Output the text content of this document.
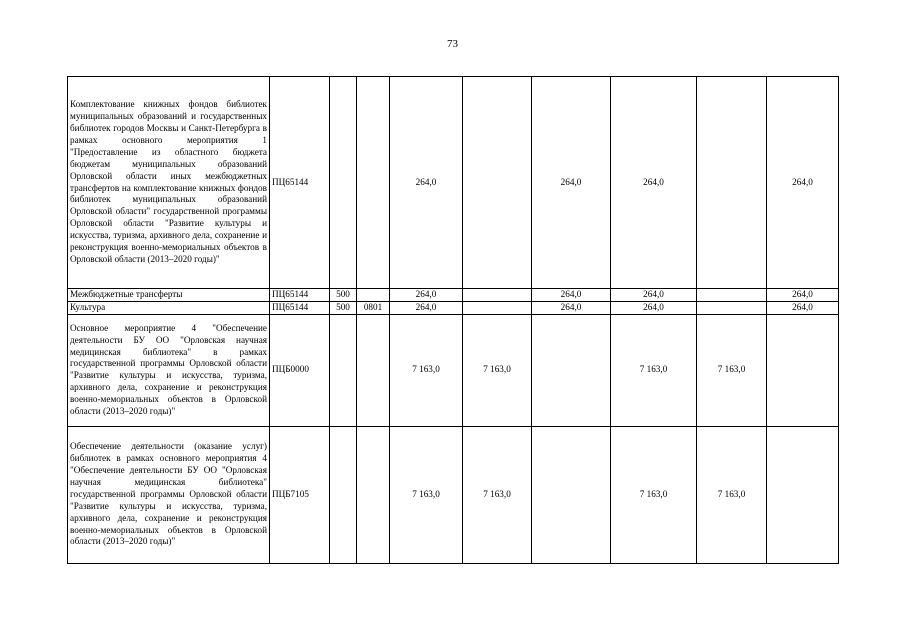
73
Комплектование книжных фондов библиотек муниципальных образований и государственных библиотек городов Москвы и Санкт-Петербурга в рамках основного мероприятия 1 "Предоставление из областного бюджета бюджетам муниципальных образований Орловской области иных межбюджетных трансфертов на комплектование книжных фондов библиотек муниципальных образований Орловской области" государственной программы Орловской области "Развитие культуры и искусства, туризма, архивного дела, сохранение и реконструкция военно-мемориальных объектов в Орловской области (2013–2020 годы)"	ПЦ65144			264,0		264,0	264,0		264,0
Межбюджетные трансферты	ПЦ65144	500		264,0		264,0	264,0		264,0
Культура	ПЦ65144	500	0801	264,0		264,0	264,0		264,0
Основное мероприятие 4 "Обеспечение деятельности БУ ОО "Орловская научная медицинская библиотека" в рамках государственной программы Орловской области "Развитие культуры и искусства, туризма, архивного дела, сохранение и реконструкция военно-мемориальных объектов в Орловской области (2013–2020 годы)"	ПЦБ0000			7 163,0	7 163,0		7 163,0	7 163,0	
Обеспечение деятельности (оказание услуг) библиотек в рамках основного мероприятия 4 "Обеспечение деятельности БУ ОО "Орловская научная медицинская библиотека" государственной программы Орловской области "Развитие культуры и искусства, туризма, архивного дела, сохранение и реконструкция военно-мемориальных объектов в Орловской области (2013–2020 годы)"	ПЦБ7105			7 163,0	7 163,0		7 163,0	7 163,0	
